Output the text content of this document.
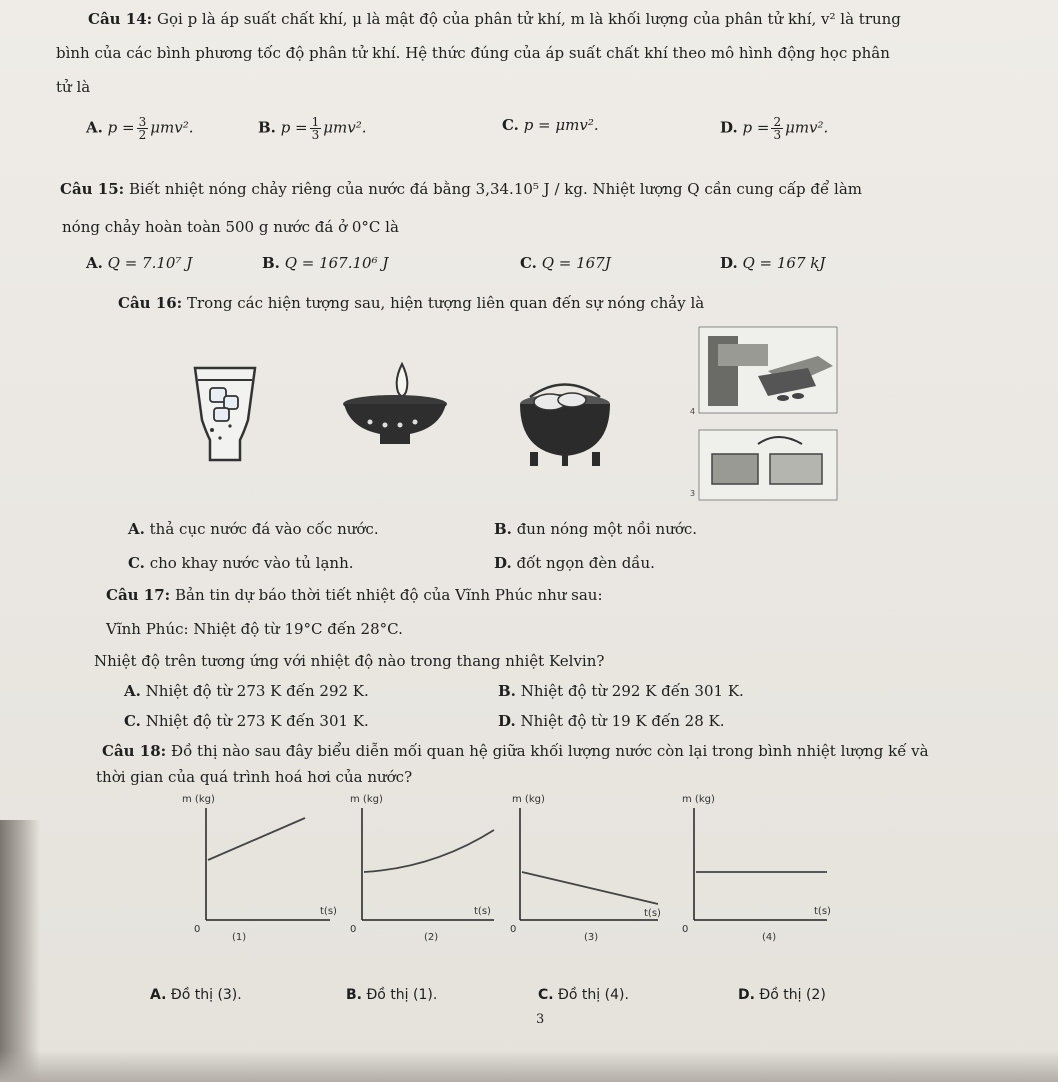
Câu 14: Gọi p là áp suất chất khí, μ là mật độ của phân tử khí, m là khối lượng của phân tử khí, v² là trung
bình của các bình phương tốc độ phân tử khí. Hệ thức đúng của áp suất chất khí theo mô hình động học phân
tử là
A. $p = \frac{3}{2} \mu mv^2$.	B. $p = \frac{1}{3} \mu mv^2$.	C. p = μmv².	D. $p = \frac{2}{3} \mu mv^2$.
Câu 15: Biết nhiệt nóng chảy riêng của nước đá bằng 3,34.10⁵ J / kg. Nhiệt lượng Q cần cung cấp để làm
nóng chảy hoàn toàn 500 g nước đá ở 0°C là
A. Q = 7.10⁷ J	B. Q = 167.10⁶ J	C. Q = 167J	D. Q = 167 kJ
Câu 16: Trong các hiện tượng sau, hiện tượng liên quan đến sự nóng chảy là
4
3
A. thả cục nước đá vào cốc nước.	B. đun nóng một nồi nước.
C. cho khay nước vào tủ lạnh.	D. đốt ngọn đèn dầu.
Câu 17: Bản tin dự báo thời tiết nhiệt độ của Vĩnh Phúc như sau:
Vĩnh Phúc: Nhiệt độ từ 19°C đến 28°C.
Nhiệt độ trên tương ứng với nhiệt độ nào trong thang nhiệt Kelvin?
A. Nhiệt độ từ 273 K đến 292 K.	B. Nhiệt độ từ 292 K đến 301 K.
C. Nhiệt độ từ 273 K đến 301 K.	D. Nhiệt độ từ 19 K đến 28 K.
Câu 18: Đồ thị nào sau đây biểu diễn mối quan hệ giữa khối lượng nước còn lại trong bình nhiệt lượng kế và
thời gian của quá trình hoá hơi của nước?
m (kg)
t(s)
0
(1)
m (kg)
t(s)
0
(2)
m (kg)
t(s)
0
(3)
m (kg)
t(s)
0
(4)
A. Đồ thị (3).	B. Đồ thị (1).	C. Đồ thị (4).	D. Đồ thị (2)
3
